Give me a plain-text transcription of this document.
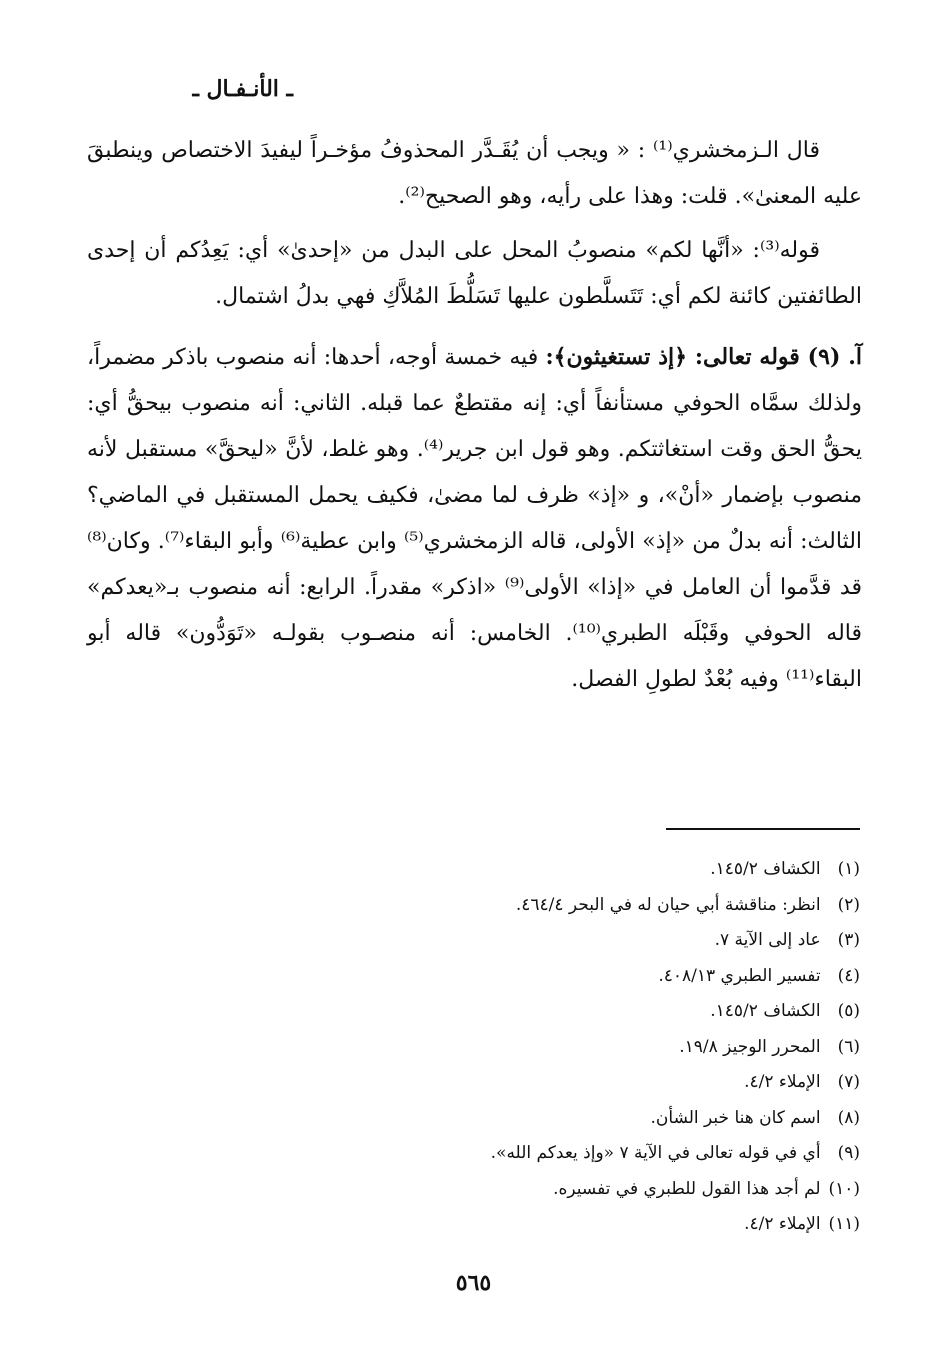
ـ الأنـفـال ـ

قال الـزمخشري⁽¹⁾ : « ويجب أن يُقَـدَّر المحذوفُ مؤخـراً ليفيدَ الاختصاص وينطبقَ عليه المعنىٰ». قلت: وهذا على رأيه، وهو الصحيح⁽²⁾.

قوله⁽³⁾: «أنَّها لكم» منصوبُ المحل على البدل من «إحدىٰ» أي: يَعِدُكم أن إحدى الطائفتين كائنة لكم أي: تَتَسلَّطون عليها تَسَلُّطَ المُلاَّكِ فهي بدلُ اشتمال.

آ. (٩) قوله تعالى: ﴿إذ تستغيثون﴾: فيه خمسة أوجه، أحدها: أنه منصوب باذكر مضمراً، ولذلك سمَّاه الحوفي مستأنفاً أي: إنه مقتطعٌ عما قبله. الثاني: أنه منصوب بيحقُّ أي: يحقُّ الحق وقت استغاثتكم. وهو قول ابن جرير⁽⁴⁾. وهو غلط، لأنَّ «ليحقَّ» مستقبل لأنه منصوب بإضمار «أنْ»، و «إذ» ظرف لما مضىٰ، فكيف يحمل المستقبل في الماضي؟ الثالث: أنه بدلٌ من «إذ» الأولى، قاله الزمخشري⁽⁵⁾ وابن عطية⁽⁶⁾ وأبو البقاء⁽⁷⁾. وكان⁽⁸⁾ قد قدَّموا أن العامل في «إذا» الأولى⁽⁹⁾ «اذكر» مقدراً. الرابع: أنه منصوب بـ«يعدكم» قاله الحوفي وقَبْلَه الطبري⁽¹⁰⁾. الخامس: أنه منصـوب بقولـه «تَوَدُّون» قاله أبو البقاء⁽¹¹⁾ وفيه بُعْدٌ لطولِ الفصل.

(١) الكشاف ١٤٥/٢.
(٢) انظر: مناقشة أبي حيان له في البحر ٤٦٤/٤.
(٣) عاد إلى الآية ٧.
(٤) تفسير الطبري ٤٠٨/١٣.
(٥) الكشاف ١٤٥/٢.
(٦) المحرر الوجيز ١٩/٨.
(٧) الإملاء ٤/٢.
(٨) اسم كان هنا خبر الشأن.
(٩) أي في قوله تعالى في الآية ٧ «وإذ يعدكم الله».
(١٠) لم أجد هذا القول للطبري في تفسيره.
(١١) الإملاء ٤/٢.
٥٦٥
